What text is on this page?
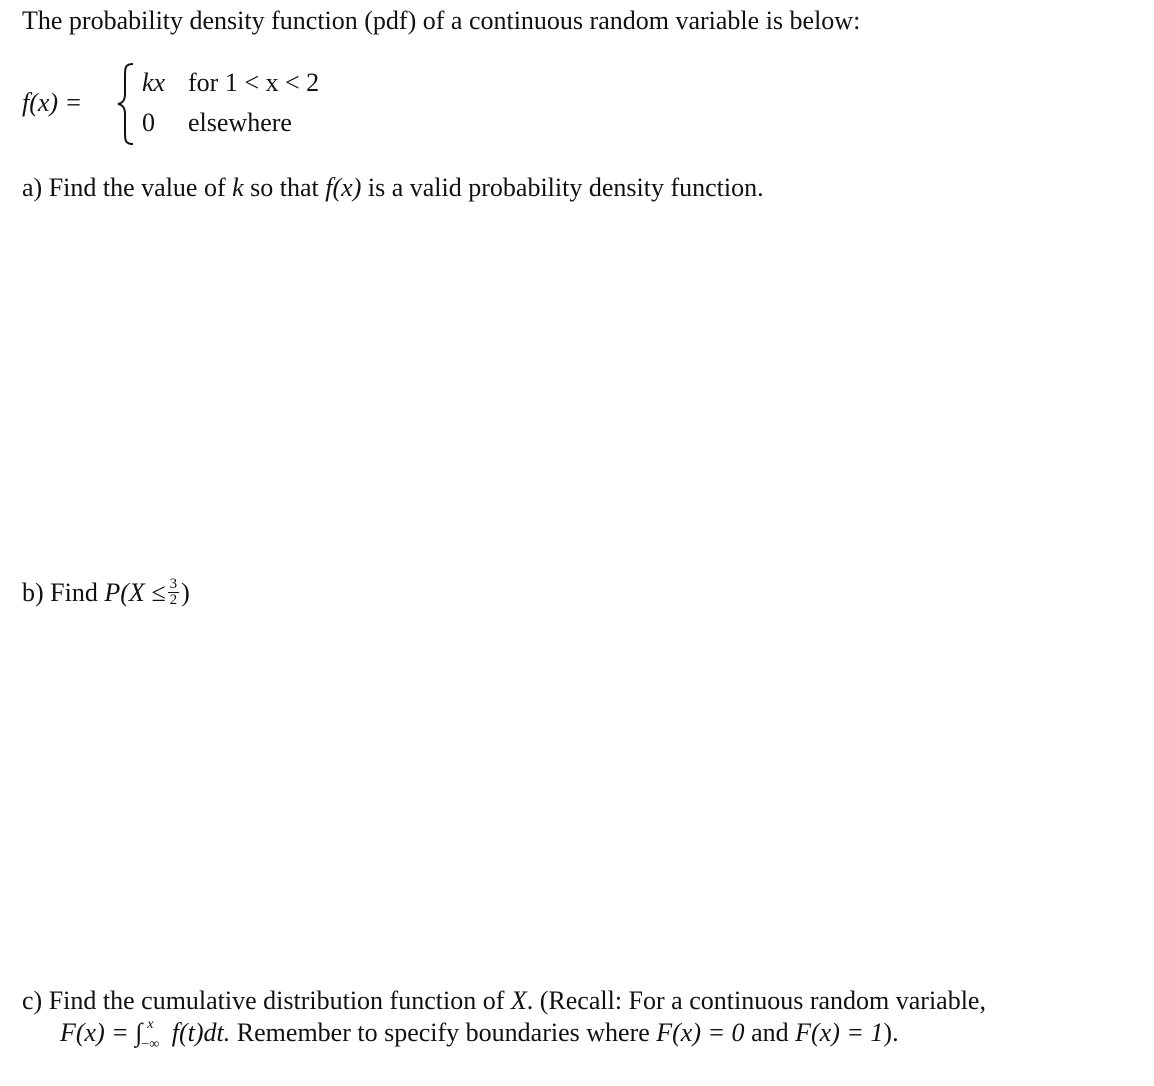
The probability density function (pdf) of a continuous random variable is below:
f(x) =
kx for 1 < x < 2
0 elsewhere
a) Find the value of k so that f(x) is a valid probability density function.
b) Find $P(X \le \frac{3}{2}$ )
c) Find the cumulative distribution function of X. (Recall: For a continuous random variable,
F(x) = ∫ x
−∞ f(t)dt. Remember to specify boundaries where F(x) = 0 and F(x) = 1).
